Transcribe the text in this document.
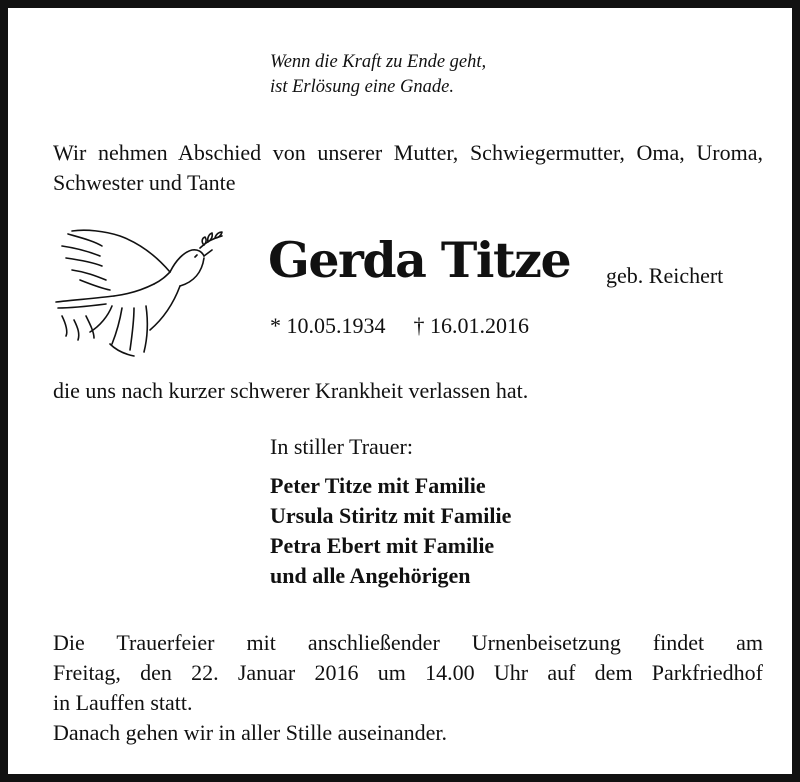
Wenn die Kraft zu Ende geht,
ist Erlösung eine Gnade.
Wir nehmen Abschied von unserer Mutter, Schwiegermutter, Oma, Uroma, Schwester und Tante
Gerda Titze geb. Reichert
* 10.05.1934 † 16.01.2016
die uns nach kurzer schwerer Krankheit verlassen hat.
In stiller Trauer:
Peter Titze mit Familie
Ursula Stiritz mit Familie
Petra Ebert mit Familie
und alle Angehörigen
Die Trauerfeier mit anschließender Urnenbeisetzung findet am
Freitag, den 22. Januar 2016 um 14.00 Uhr auf dem Parkfriedhof
in Lauffen statt.
Danach gehen wir in aller Stille auseinander.
